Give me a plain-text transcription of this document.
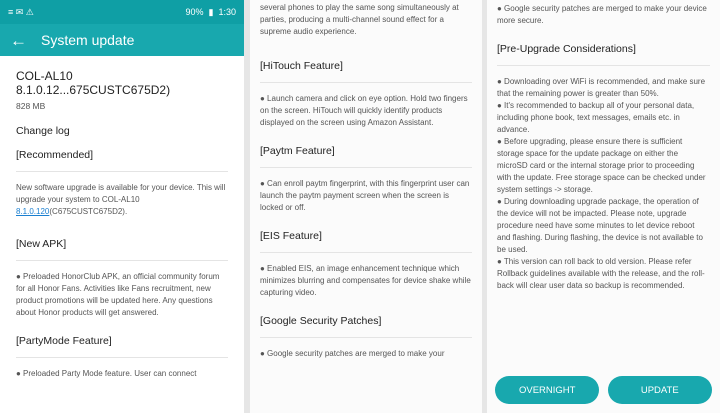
≡ ✉ ⚠	90% ▮ 1:30
← System update
COL-AL10 8.1.0.12...675CUSTC675D2)
828 MB
Change log
[Recommended]
New software upgrade is available for your device. This will upgrade your system to COL-AL10 8.1.0.120(C675CUSTC675D2).
[New APK]
● Preloaded HonorClub APK, an official community forum for all Honor Fans. Activities like Fans recruitment, new product promotions will be updated here. Any questions about Honor products will get answered.
[PartyMode Feature]
● Preloaded Party Mode feature. User can connect
several phones to play the same song simultaneously at parties, producing a multi-channel sound effect for a supreme audio experience.
[HiTouch Feature]
● Launch camera and click on eye option. Hold two fingers on the screen. HiTouch will quickly identify products displayed on the screen using Amazon Assistant.
[Paytm Feature]
● Can enroll paytm fingerprint, with this fingerprint user can launch the paytm payment screen when the screen is locked or off.
[EIS Feature]
● Enabled EIS, an image enhancement technique which minimizes blurring and compensates for device shake while capturing video.
[Google Security Patches]
● Google security patches are merged to make your
● Google security patches are merged to make your device more secure.
[Pre-Upgrade Considerations]
● Downloading over WiFi is recommended, and make sure that the remaining power is greater than 50%.
● It's recommended to backup all of your personal data, including phone book, text messages, emails etc. in advance.
● Before upgrading, please ensure there is sufficient storage space for the update package on either the microSD card or the internal storage prior to proceeding with the update. Free storage space can be checked under system settings -> storage.
● During downloading upgrade package, the operation of the device will not be impacted. Please note, upgrade procedure need have some minutes to let device reboot and flashing. During flashing, the device is not available to be used.
● This version can roll back to old version. Please refer Rollback guidelines available with the release, and the roll-back will clear user data so backup is recommended.
OVERNIGHT	UPDATE
